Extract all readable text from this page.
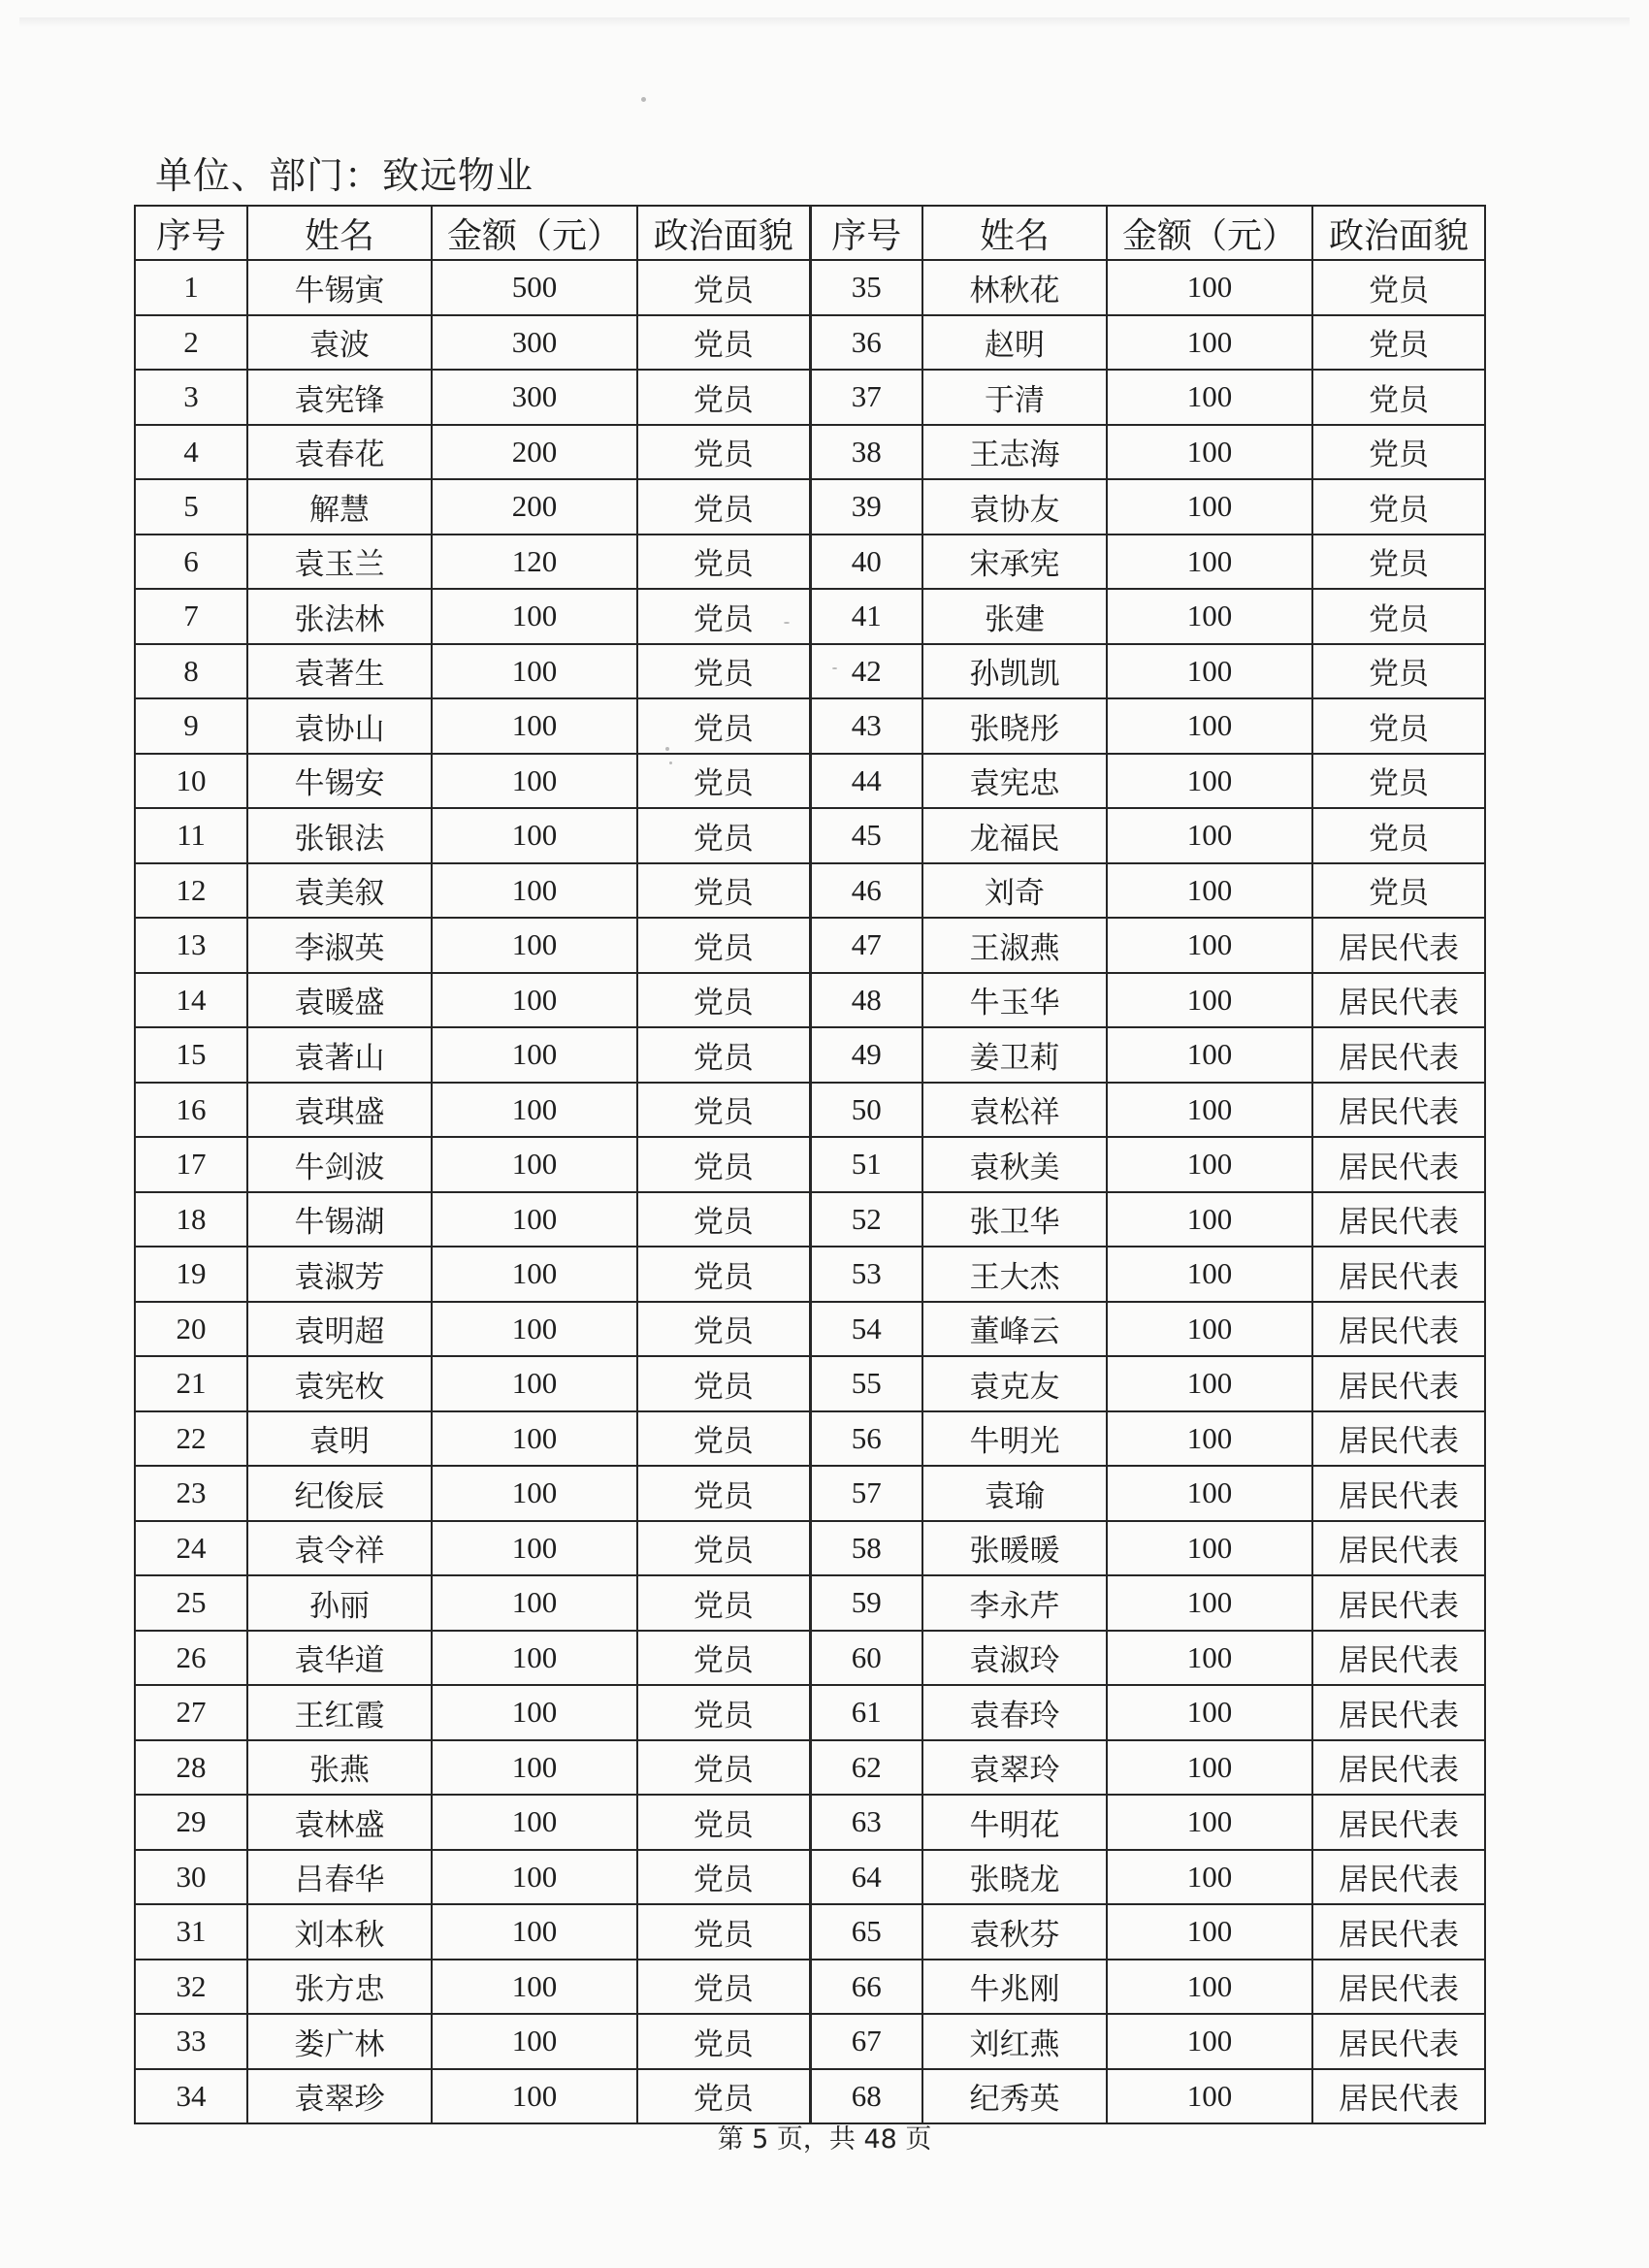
单位、部门：致远物业
序号	姓名	金额（元）	政治面貌	序号	姓名	金额（元）	政治面貌
1	牛锡寅	500	党员	35	林秋花	100	党员
2	袁波	300	党员	36	赵明	100	党员
3	袁宪锋	300	党员	37	于清	100	党员
4	袁春花	200	党员	38	王志海	100	党员
5	解慧	200	党员	39	袁协友	100	党员
6	袁玉兰	120	党员	40	宋承宪	100	党员
7	张法林	100	党员	41	张建	100	党员
8	袁著生	100	党员	42	孙凯凯	100	党员
9	袁协山	100	党员	43	张晓彤	100	党员
10	牛锡安	100	党员	44	袁宪忠	100	党员
11	张银法	100	党员	45	龙福民	100	党员
12	袁美叙	100	党员	46	刘奇	100	党员
13	李淑英	100	党员	47	王淑燕	100	居民代表
14	袁暖盛	100	党员	48	牛玉华	100	居民代表
15	袁著山	100	党员	49	姜卫莉	100	居民代表
16	袁琪盛	100	党员	50	袁松祥	100	居民代表
17	牛剑波	100	党员	51	袁秋美	100	居民代表
18	牛锡湖	100	党员	52	张卫华	100	居民代表
19	袁淑芳	100	党员	53	王大杰	100	居民代表
20	袁明超	100	党员	54	董峰云	100	居民代表
21	袁宪枚	100	党员	55	袁克友	100	居民代表
22	袁明	100	党员	56	牛明光	100	居民代表
23	纪俊辰	100	党员	57	袁瑜	100	居民代表
24	袁令祥	100	党员	58	张暖暖	100	居民代表
25	孙丽	100	党员	59	李永芹	100	居民代表
26	袁华道	100	党员	60	袁淑玲	100	居民代表
27	王红霞	100	党员	61	袁春玲	100	居民代表
28	张燕	100	党员	62	袁翠玲	100	居民代表
29	袁林盛	100	党员	63	牛明花	100	居民代表
30	吕春华	100	党员	64	张晓龙	100	居民代表
31	刘本秋	100	党员	65	袁秋芬	100	居民代表
32	张方忠	100	党员	66	牛兆刚	100	居民代表
33	娄广林	100	党员	67	刘红燕	100	居民代表
34	袁翠珍	100	党员	68	纪秀英	100	居民代表
第 5 页，共 48 页
